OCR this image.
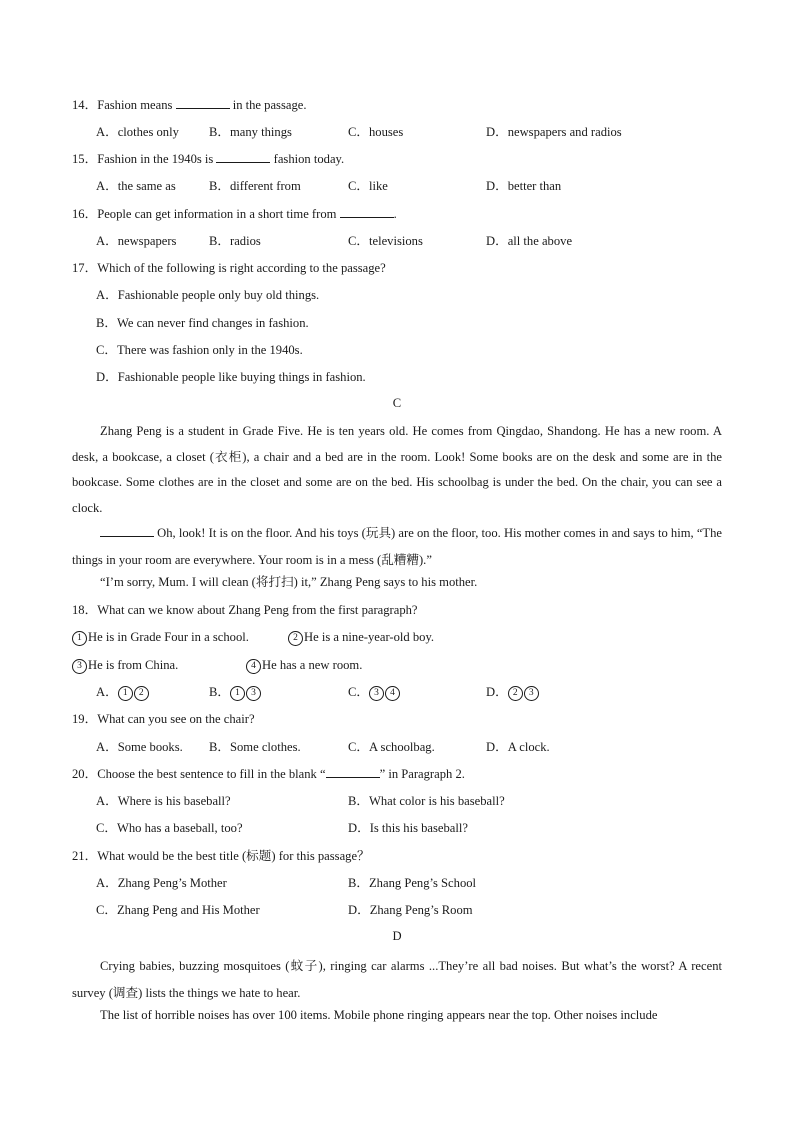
14．Fashion means	in the passage.
A．clothes only B．many things	C．houses	D．newspapers and radios
15．Fashion in the 1940s is	fashion today.
A．the same as	B．different from	C．like	D．better than
16．People can get information in a short time from	.
A．newspapers	B．radios	C．televisions	D．all the above
17．Which of the following is right according to the passage?
A．Fashionable people only buy old things.
B．We can never find changes in fashion.
C．There was fashion only in the 1940s.
D．Fashionable people like buying things in fashion.
C
Zhang Peng is a student in Grade Five. He is ten years old. He comes from Qingdao, Shandong. He has a new room. A desk, a bookcase, a closet (衣柜), a chair and a bed are in the room. Look! Some books are on the desk and some are in the bookcase. Some clothes are in the closet and some are on the bed. His schoolbag is under the bed. On the chair, you can see a clock.
Oh, look! It is on the floor. And his toys (玩具) are on the floor, too. His mother comes in and says to him, “The things in your room are everywhere. Your room is in a mess (乱糟糟).”
“I’m sorry, Mum. I will clean (将打扫) it,” Zhang Peng says to his mother.
18．What can we know about Zhang Peng from the first paragraph?
1 He is in Grade Four in a school.	2 He is a nine-year-old boy.
3 He is from China.	4 He has a new room.
A． 1 2	B． 1 3	C． 3 4	D． 2 3
19．What can you see on the chair?
A．Some books. B．Some clothes.	C．A schoolbag.	D．A clock.
20．Choose the best sentence to fill in the blank “	” in Paragraph 2.
A．Where is his baseball?	B．What color is his baseball?
C．Who has a baseball, too?	D．Is this his baseball?
21．What would be the best title (标题) for this passage？
A．Zhang Peng’s Mother	B．Zhang Peng’s School
C．Zhang Peng and His Mother	D．Zhang Peng’s Room
D
Crying babies, buzzing mosquitoes (蚊子), ringing car alarms ...They’re all bad noises. But what’s the worst? A recent survey (调查) lists the things we hate to hear.
The list of horrible noises has over 100 items. Mobile phone ringing appears near the top. Other noises include
